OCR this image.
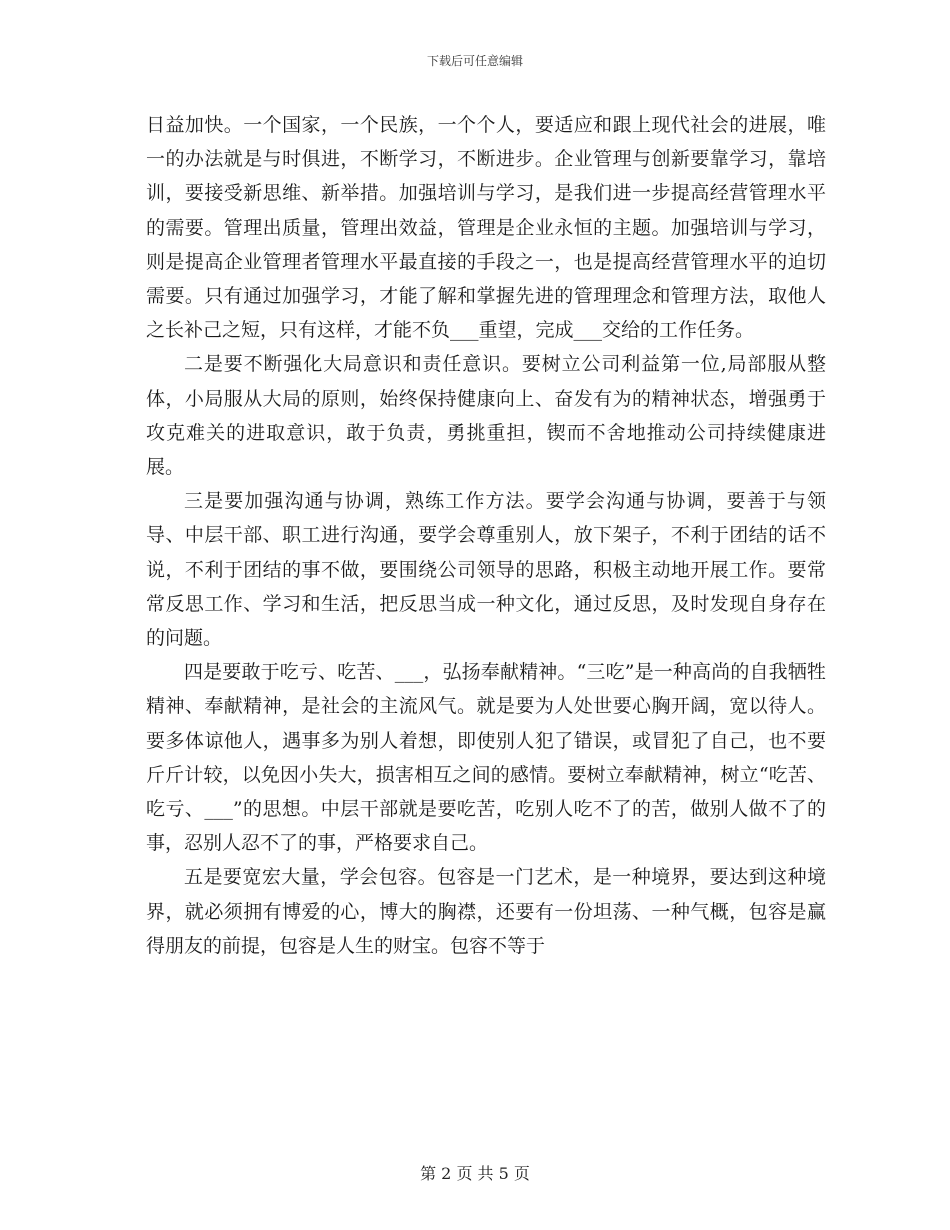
下载后可任意编辑

日益加快。一个国家，一个民族，一个个人，要适应和跟上现代社会的进展，唯一的办法就是与时俱进，不断学习，不断进步。企业管理与创新要靠学习，靠培训，要接受新思维、新举措。加强培训与学习，是我们进一步提高经营管理水平的需要。管理出质量，管理出效益，管理是企业永恒的主题。加强培训与学习，则是提高企业管理者管理水平最直接的手段之一，也是提高经营管理水平的迫切需要。只有通过加强学习，才能了解和掌握先进的管理理念和管理方法，取他人之长补己之短，只有这样，才能不负___重望，完成___交给的工作任务。

二是要不断强化大局意识和责任意识。要树立公司利益第一位,局部服从整体，小局服从大局的原则，始终保持健康向上、奋发有为的精神状态，增强勇于攻克难关的进取意识，敢于负责，勇挑重担，锲而不舍地推动公司持续健康进展。

三是要加强沟通与协调，熟练工作方法。要学会沟通与协调，要善于与领导、中层干部、职工进行沟通，要学会尊重别人，放下架子，不利于团结的话不说，不利于团结的事不做，要围绕公司领导的思路，积极主动地开展工作。要常常反思工作、学习和生活，把反思当成一种文化，通过反思，及时发现自身存在的问题。

四是要敢于吃亏、吃苦、___，弘扬奉献精神。“三吃”是一种高尚的自我牺牲精神、奉献精神，是社会的主流风气。就是要为人处世要心胸开阔，宽以待人。要多体谅他人，遇事多为别人着想，即使别人犯了错误，或冒犯了自己，也不要斤斤计较，以免因小失大，损害相互之间的感情。要树立奉献精神，树立“吃苦、吃亏、___”的思想。中层干部就是要吃苦，吃别人吃不了的苦，做别人做不了的事，忍别人忍不了的事，严格要求自己。

五是要宽宏大量，学会包容。包容是一门艺术，是一种境界，要达到这种境界，就必须拥有博爱的心，博大的胸襟，还要有一份坦荡、一种气概，包容是赢得朋友的前提，包容是人生的财宝。包容不等于

第 2 页 共 5 页
